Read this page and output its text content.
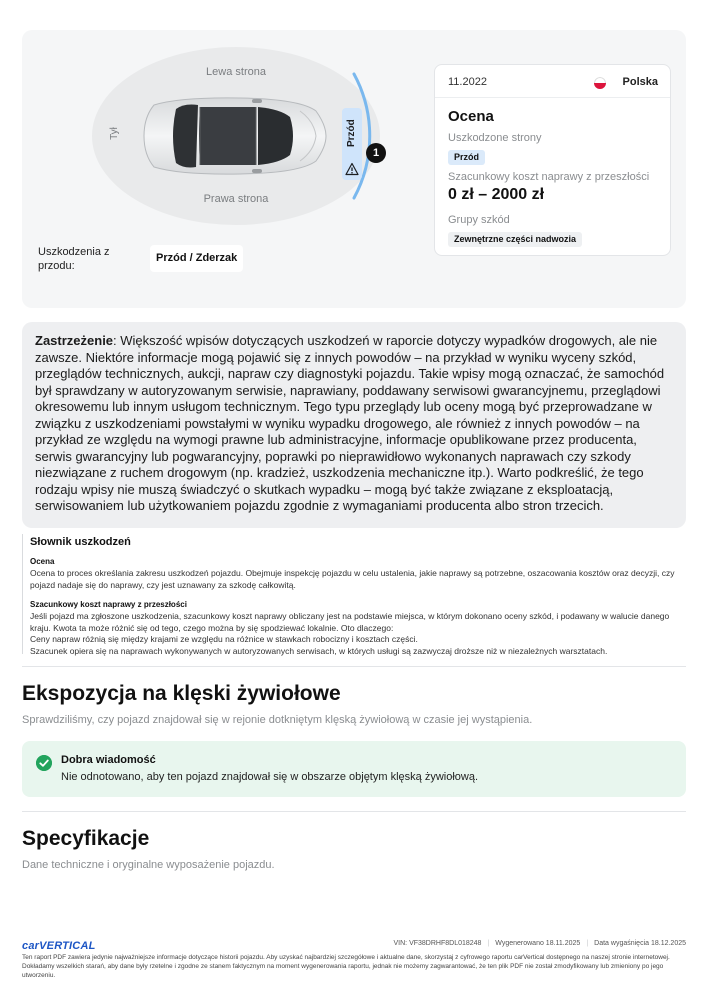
Lewa strona
Prawa strona
Tył	Przód
1
Uszkodzenia z przodu:
Przód / Zderzak
11.2022	Polska
Ocena
Uszkodzone strony
Przód
Szacunkowy koszt naprawy z przeszłości
0 zł – 2000 zł
Grupy szkód
Zewnętrzne części nadwozia
Zastrzeżenie: Większość wpisów dotyczących uszkodzeń w raporcie dotyczy wypadków drogowych, ale nie zawsze. Niektóre informacje mogą pojawić się z innych powodów – na przykład w wyniku wyceny szkód, przeglądów technicznych, aukcji, napraw czy diagnostyki pojazdu. Takie wpisy mogą oznaczać, że samochód był sprawdzany w autoryzowanym serwisie, naprawiany, poddawany serwisowi gwarancyjnemu, przeglądowi okresowemu lub innym usługom technicznym. Tego typu przeglądy lub oceny mogą być przeprowadzane w związku z uszkodzeniami powstałymi w wyniku wypadku drogowego, ale również z innych powodów – na przykład ze względu na wymogi prawne lub administracyjne, informacje opublikowane przez producenta, serwis gwarancyjny lub pogwarancyjny, poprawki po nieprawidłowo wykonanych naprawach czy szkody niezwiązane z ruchem drogowym (np. kradzież, uszkodzenia mechaniczne itp.). Warto podkreślić, że tego rodzaju wpisy nie muszą świadczyć o skutkach wypadku – mogą być także związane z eksploatacją, serwisowaniem lub użytkowaniem pojazdu zgodnie z wymaganiami producenta albo stron trzecich.
Słownik uszkodzeń
Ocena
Ocena to proces określania zakresu uszkodzeń pojazdu. Obejmuje inspekcję pojazdu w celu ustalenia, jakie naprawy są potrzebne, oszacowania kosztów oraz decyzji, czy pojazd nadaje się do naprawy, czy jest uznawany za szkodę całkowitą.
Szacunkowy koszt naprawy z przeszłości
Jeśli pojazd ma zgłoszone uszkodzenia, szacunkowy koszt naprawy obliczany jest na podstawie miejsca, w którym dokonano oceny szkód, i podawany w walucie danego kraju. Kwota ta może różnić się od tego, czego można by się spodziewać lokalnie. Oto dlaczego:
Ceny napraw różnią się między krajami ze względu na różnice w stawkach robocizny i kosztach części.
Szacunek opiera się na naprawach wykonywanych w autoryzowanych serwisach, w których usługi są zazwyczaj droższe niż w niezależnych warsztatach.
Ekspozycja na klęski żywiołowe
Sprawdziliśmy, czy pojazd znajdował się w rejonie dotkniętym klęską żywiołową w czasie jej wystąpienia.
Dobra wiadomość
Nie odnotowano, aby ten pojazd znajdował się w obszarze objętym klęską żywiołową.
Specyfikacje
Dane techniczne i oryginalne wyposażenie pojazdu.
carVERTICAL	VIN: VF38DRHF8DL018248 | Wygenerowano 18.11.2025 | Data wygaśnięcia 18.12.2025
Ten raport PDF zawiera jedynie najważniejsze informacje dotyczące historii pojazdu. Aby uzyskać najbardziej szczegółowe i aktualne dane, skorzystaj z cyfrowego raportu carVertical dostępnego na naszej stronie internetowej. Dokładamy wszelkich starań, aby dane były rzetelne i zgodne ze stanem faktycznym na moment wygenerowania raportu, jednak nie możemy zagwarantować, że ten plik PDF nie został zmodyfikowany lub zmieniony po jego utworzeniu.
